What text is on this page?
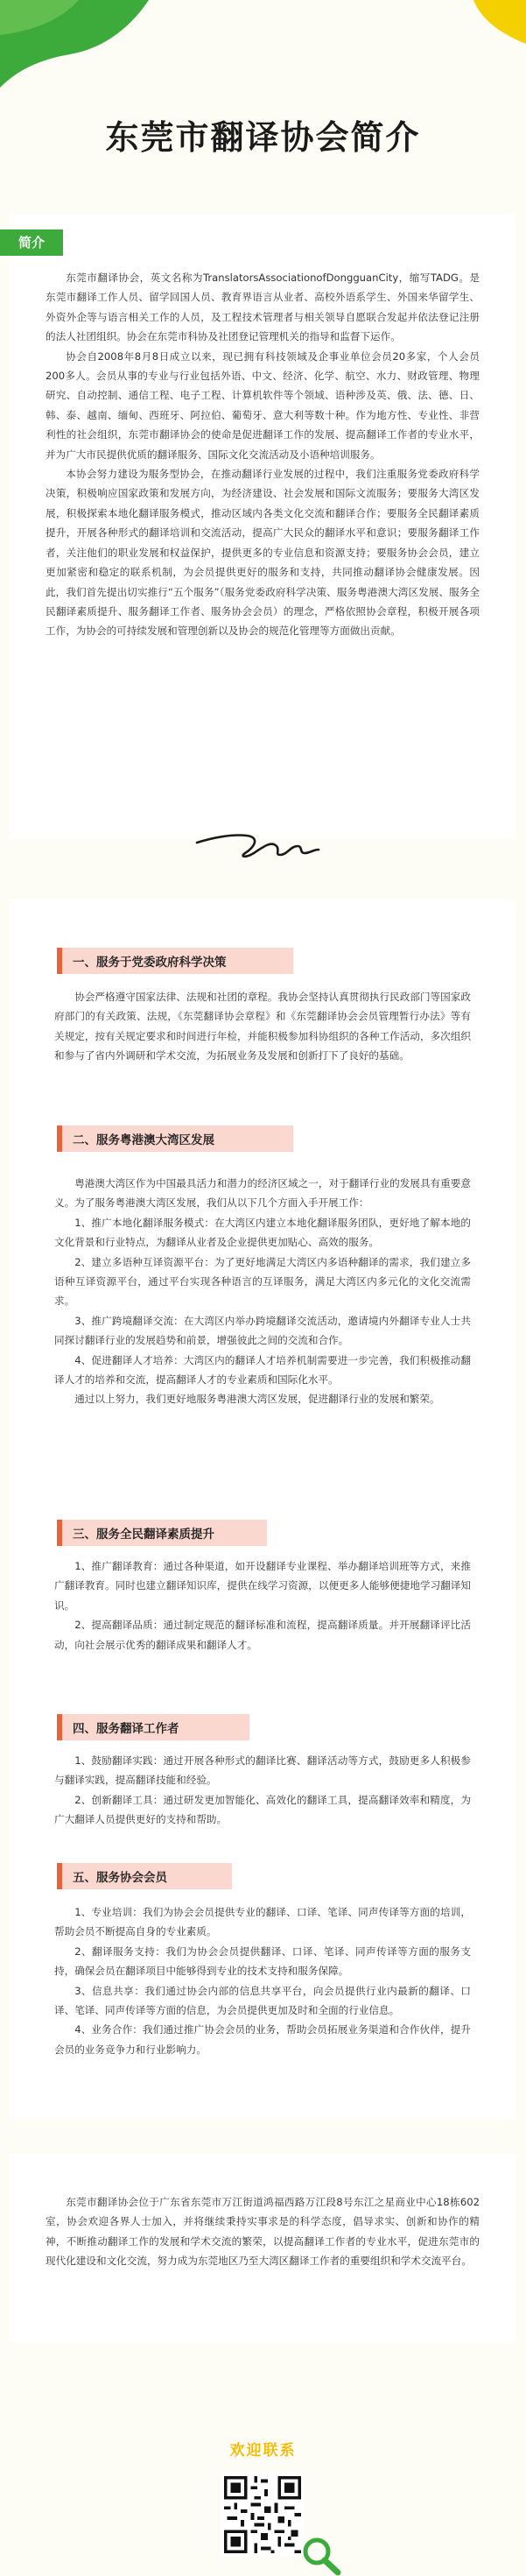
东莞市翻译协会简介
简介

东莞市翻译协会，英文名称为TranslatorsAssociationofDongguanCity，缩写TADG。是东莞市翻译工作人员、留学回国人员、教育界语言从业者、高校外语系学生、外国来华留学生、外资外企等与语言相关工作的人员，及工程技术管理者与相关领导自愿联合发起并依法登记注册的法人社团组织。协会在东莞市科协及社团登记管理机关的指导和监督下运作。

协会自2008年8月8日成立以来，现已拥有科技领域及企事业单位会员20多家，个人会员200多人。会员从事的专业与行业包括外语、中文、经济、化学、航空、水力、财政管理、物理研究、自动控制、通信工程、电子工程、计算机软件等个领域、语种涉及英、俄、法、德、日、韩、泰、越南、缅甸、西班牙、阿拉伯、葡萄牙、意大利等数十种。作为地方性、专业性、非营利性的社会组织，东莞市翻译协会的使命是促进翻译工作的发展、提高翻译工作者的专业水平，并为广大市民提供优质的翻译服务、国际文化交流活动及小语种培训服务。

本协会努力建设为服务型协会，在推动翻译行业发展的过程中，我们注重服务党委政府科学决策，积极响应国家政策和发展方向，为经济建设、社会发展和国际文流服务；要服务大湾区发展，积极探索本地化翻译服务模式，推动区域内各类文化交流和翻译合作；要服务全民翻译素质提升，开展各种形式的翻译培训和交流活动，提高广大民众的翻译水平和意识；要服务翻译工作者，关注他们的职业发展和权益保护，提供更多的专业信息和资源支持；要服务协会会员，建立更加紧密和稳定的联系机制，为会员提供更好的服务和支持，共同推动翻译协会健康发展。因此，我们首先提出切实推行“五个服务”（服务党委政府科学决策、服务粤港澳大湾区发展、服务全民翻译素质提升、服务翻译工作者、服务协会会员）的理念，严格依照协会章程，积极开展各项工作，为协会的可持续发展和管理创新以及协会的规范化管理等方面做出贡献。

一、服务于党委政府科学决策

协会严格遵守国家法律、法规和社团的章程。我协会坚持认真贯彻执行民政部门等国家政府部门的有关政策、法规，《东莞翻译协会章程》和《东莞翻译协会会员管理暂行办法》等有关规定，按有关规定要求和时间进行年检，并能积极参加科协组织的各种工作活动，多次组织和参与了省内外调研和学术交流，为拓展业务及发展和创新打下了良好的基础。

二、服务粤港澳大湾区发展

粤港澳大湾区作为中国最具活力和潜力的经济区域之一，对于翻译行业的发展具有重要意义。为了服务粤港澳大湾区发展，我们从以下几个方面入手开展工作：

1、推广本地化翻译服务模式：在大湾区内建立本地化翻译服务团队，更好地了解本地的文化背景和行业特点，为翻译从业者及企业提供更加贴心、高效的服务。

2、建立多语种互译资源平台：为了更好地满足大湾区内多语种翻译的需求，我们建立多语种互译资源平台，通过平台实现各种语言的互译服务，满足大湾区内多元化的文化交流需求。

3、推广跨境翻译交流：在大湾区内举办跨境翻译交流活动，邀请境内外翻译专业人士共同探讨翻译行业的发展趋势和前景，增强彼此之间的交流和合作。

4、促进翻译人才培养：大湾区内的翻译人才培养机制需要进一步完善，我们积极推动翻译人才的培养和交流，提高翻译人才的专业素质和国际化水平。

通过以上努力，我们更好地服务粤港澳大湾区发展，促进翻译行业的发展和繁荣。

三、服务全民翻译素质提升

1、推广翻译教育：通过各种渠道，如开设翻译专业课程、举办翻译培训班等方式，来推广翻译教育。同时也建立翻译知识库，提供在线学习资源，以便更多人能够便捷地学习翻译知识。

2、提高翻译品质：通过制定规范的翻译标准和流程，提高翻译质量。并开展翻译评比活动，向社会展示优秀的翻译成果和翻译人才。

四、服务翻译工作者

1、鼓励翻译实践：通过开展各种形式的翻译比赛、翻译活动等方式，鼓励更多人积极参与翻译实践，提高翻译技能和经验。

2、创新翻译工具：通过研发更加智能化、高效化的翻译工具，提高翻译效率和精度，为广大翻译人员提供更好的支持和帮助。

五、服务协会会员

1、专业培训：我们为协会会员提供专业的翻译、口译、笔译、同声传译等方面的培训，帮助会员不断提高自身的专业素质。

2、翻译服务支持：我们为协会会员提供翻译、口译、笔译、同声传译等方面的服务支持，确保会员在翻译项目中能够得到专业的技术支持和服务保障。

3、信息共享：我们通过协会内部的信息共享平台，向会员提供行业内最新的翻译、口译、笔译、同声传译等方面的信息，为会员提供更加及时和全面的行业信息。

4、业务合作：我们通过推广协会会员的业务，帮助会员拓展业务渠道和合作伙伴，提升会员的业务竞争力和行业影响力。

东莞市翻译协会位于广东省东莞市万江街道鸿福西路万江段8号东江之星商业中心18栋602室，协会欢迎各界人士加入，并将继续秉持实事求是的科学态度，倡导求实、创新和协作的精神，不断推动翻译工作的发展和学术交流的繁荣，以提高翻译工作者的专业水平，促进东莞市的现代化建设和文化交流，努力成为东莞地区乃至大湾区翻译工作者的重要组织和学术交流平台。

欢迎联系
